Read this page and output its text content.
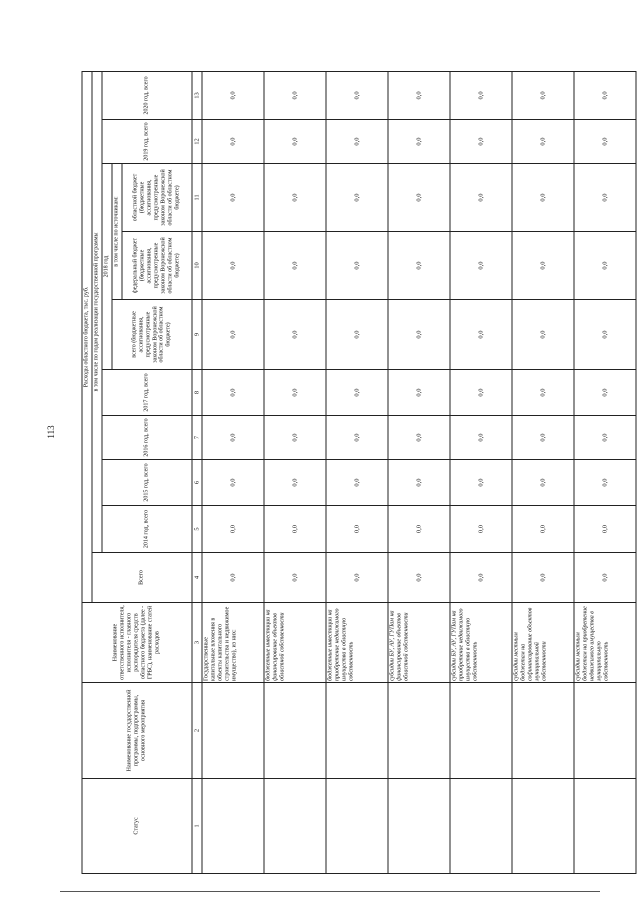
113
Статус	Наименование государственной программы, подпрограммы, основного мероприятия	Наименование ответственного исполнителя, исполнителя - главного распорядителя средств областного бюджета (далее - ГРБС), наименование статей расходов	Расходы областного бюджета, тыс. руб.									
			Всего	в том числе по годам реализации государственной программы								
				2014 год, всего	2015 год, всего	2016 год, всего	2017 год, всего	2018 год			2019 год, всего	2020 год, всего
								всего (бюджетные ассигнования, предусмотренные законом Воронежской области об областном бюджете)	в том числе по источникам:			
									федеральный бюджет (бюджетные ассигнования, предусмотренные законом Воронежской области об областном бюджете)	областной бюджет (бюджетные ассигнования, предусмотренные законом Воронежской области об областном бюджете)		
1	2	3	4	5	6	7	8	9	10	11	12	13
		Государственные капитальные вложения в объекты капитального строительства и недвижимое имущество), из них:	0,0	0,0	0,0	0,0	0,0	0,0	0,0	0,0	0,0	0,0
		бюджетные инвестиции на финансирование объектов областной собственности	0,0	0,0	0,0	0,0	0,0	0,0	0,0	0,0	0,0	0,0
		бюджетные инвестиции на приобретение недвижимого имущества в областную собственность	0,0	0,0	0,0	0,0	0,0	0,0	0,0	0,0	0,0	0,0
		субсидии БУ, АУ, ГУПам на финансирование объектов областной собственности	0,0	0,0	0,0	0,0	0,0	0,0	0,0	0,0	0,0	0,0
		субсидии БУ, АУ, ГУПам на приобретение недвижимого имущества в областную собственность	0,0	0,0	0,0	0,0	0,0	0,0	0,0	0,0	0,0	0,0
		субсидии местным бюджетам на софинансирование объектов муниципальной собственности	0,0	0,0	0,0	0,0	0,0	0,0	0,0	0,0	0,0	0,0
		субсидии местным бюджетам на приобретение недвижимого имущества в муниципальную собственность	0,0	0,0	0,0	0,0	0,0	0,0	0,0	0,0	0,0	0,0
